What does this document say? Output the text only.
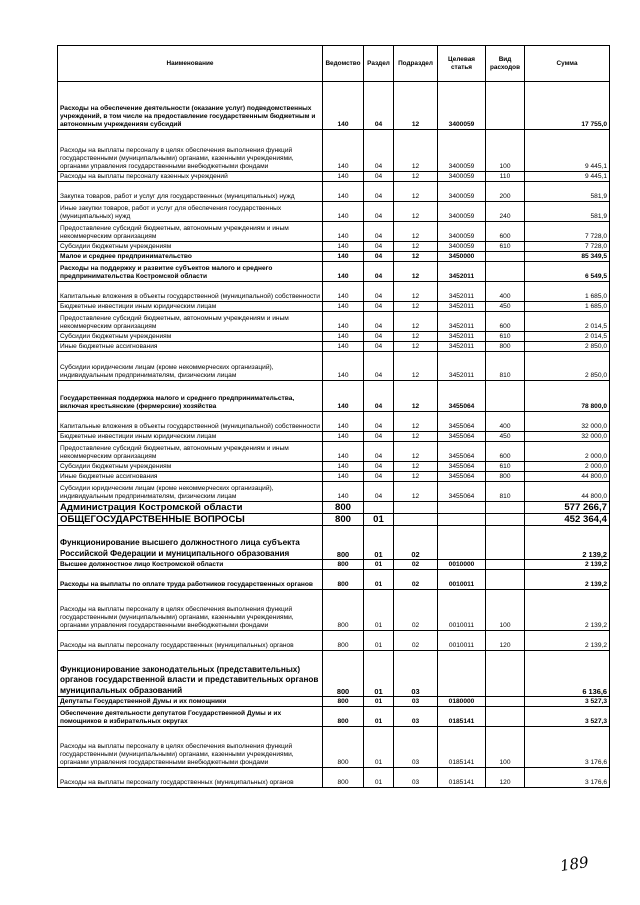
Наименование	Ведомство	Раздел	Подраздел	Целевая статья	Вид расходов	Сумма
Расходы на обеспечение деятельности (оказание услуг) подведомственных учреждений, в том числе на предоставление государственным бюджетным и автономным учреждениям субсидий	140	04	12	3400059		17 755,0
Расходы на выплаты персоналу в целях обеспечения выполнения функций государственными (муниципальными) органами, казенными учреждениями, органами управления государственными внебюджетными фондами	140	04	12	3400059	100	9 445,1
Расходы на выплаты персоналу казенных учреждений	140	04	12	3400059	110	9 445,1
Закупка товаров, работ и услуг для государственных (муниципальных) нужд	140	04	12	3400059	200	581,9
Иные закупки товаров, работ и услуг для обеспечения государственных (муниципальных) нужд	140	04	12	3400059	240	581,9
Предоставление субсидий бюджетным, автономным учреждениям и иным некоммерческим организациям	140	04	12	3400059	600	7 728,0
Субсидии бюджетным учреждениям	140	04	12	3400059	610	7 728,0
Малое и среднее предпринимательство	140	04	12	3450000		85 349,5
Расходы на поддержку и развитие субъектов малого и среднего предпринимательства Костромской области	140	04	12	3452011		6 549,5
Капитальные вложения в объекты государственной (муниципальной) собственности	140	04	12	3452011	400	1 685,0
Бюджетные инвестиции иным юридическим лицам	140	04	12	3452011	450	1 685,0
Предоставление субсидий бюджетным, автономным учреждениям и иным некоммерческим организациям	140	04	12	3452011	600	2 014,5
Субсидии бюджетным учреждениям	140	04	12	3452011	610	2 014,5
Иные бюджетные ассигнования	140	04	12	3452011	800	2 850,0
Субсидии юридическим лицам (кроме некоммерческих организаций), индивидуальным предпринимателям, физическим лицам	140	04	12	3452011	810	2 850,0
Государственная поддержка малого и среднего предпринимательства, включая крестьянские (фермерские) хозяйства	140	04	12	3455064		78 800,0
Капитальные вложения в объекты государственной (муниципальной) собственности	140	04	12	3455064	400	32 000,0
Бюджетные инвестиции иным юридическим лицам	140	04	12	3455064	450	32 000,0
Предоставление субсидий бюджетным, автономным учреждениям и иным некоммерческим организациям	140	04	12	3455064	600	2 000,0
Субсидии бюджетным учреждениям	140	04	12	3455064	610	2 000,0
Иные бюджетные ассигнования	140	04	12	3455064	800	44 800,0
Субсидии юридическим лицам (кроме некоммерческих организаций), индивидуальным предпринимателям, физическим лицам	140	04	12	3455064	810	44 800,0
Администрация Костромской области	800					577 266,7
ОБЩЕГОСУДАРСТВЕННЫЕ ВОПРОСЫ	800	01				452 364,4
Функционирование высшего должностного лица субъекта Российской Федерации и муниципального образования	800	01	02			2 139,2
Высшее должностное лицо Костромской области	800	01	02	0010000		2 139,2
Расходы на выплаты по оплате труда работников государственных органов	800	01	02	0010011		2 139,2
Расходы на выплаты персоналу в целях обеспечения выполнения функций государственными (муниципальными) органами, казенными учреждениями, органами управления государственными внебюджетными фондами	800	01	02	0010011	100	2 139,2
Расходы на выплаты персоналу государственных (муниципальных) органов	800	01	02	0010011	120	2 139,2
Функционирование законодательных (представительных) органов государственной власти и представительных органов муниципальных образований	800	01	03			6 136,6
Депутаты Государственной Думы и их помощники	800	01	03	0180000		3 527,3
Обеспечение деятельности депутатов Государственной Думы и их помощников в избирательных округах	800	01	03	0185141		3 527,3
Расходы на выплаты персоналу в целях обеспечения выполнения функций государственными (муниципальными) органами, казенными учреждениями, органами управления государственными внебюджетными фондами	800	01	03	0185141	100	3 176,6
Расходы на выплаты персоналу государственных (муниципальных) органов	800	01	03	0185141	120	3 176,6
189
